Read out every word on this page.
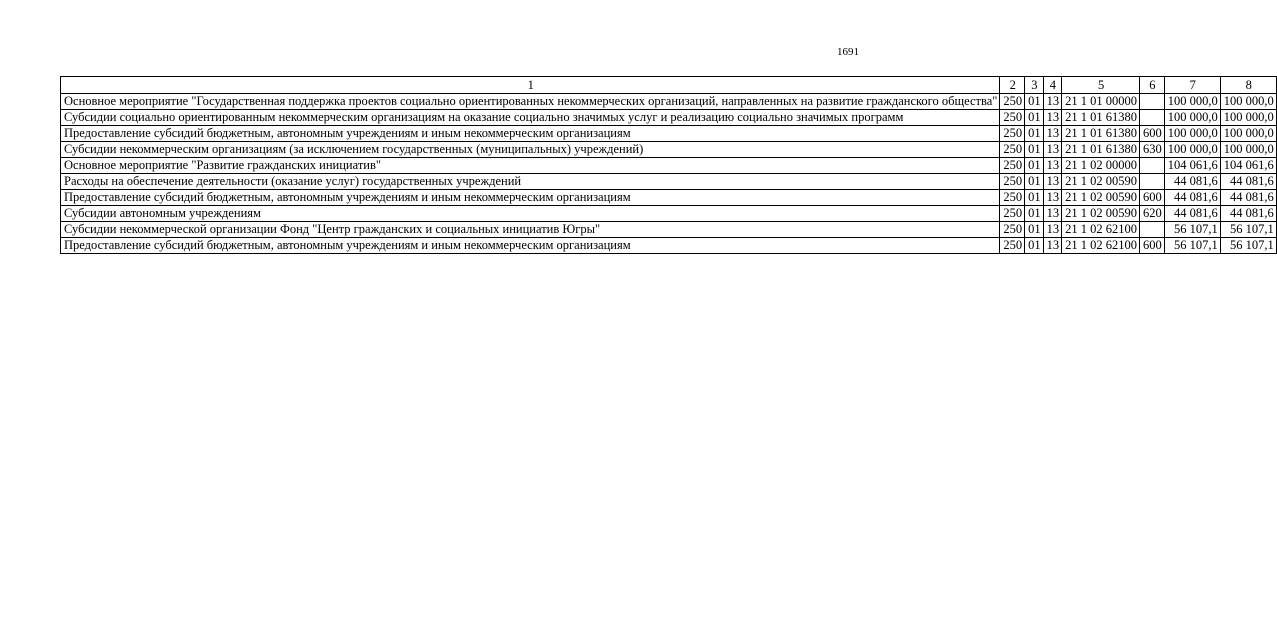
1691
1	2	3	4	5	6	7	8
Основное мероприятие "Государственная поддержка проектов социально ориентированных некоммерческих организаций, направленных на развитие гражданского общества"	250	01	13	21 1 01 00000		100 000,0	100 000,0
Субсидии социально ориентированным некоммерческим организациям на оказание социально значимых услуг и реализацию социально значимых программ	250	01	13	21 1 01 61380		100 000,0	100 000,0
Предоставление субсидий бюджетным, автономным учреждениям и иным некоммерческим организациям	250	01	13	21 1 01 61380	600	100 000,0	100 000,0
Субсидии некоммерческим организациям (за исключением государственных (муниципальных) учреждений)	250	01	13	21 1 01 61380	630	100 000,0	100 000,0
Основное мероприятие "Развитие гражданских инициатив"	250	01	13	21 1 02 00000		104 061,6	104 061,6
Расходы на обеспечение деятельности (оказание услуг) государственных учреждений	250	01	13	21 1 02 00590		44 081,6	44 081,6
Предоставление субсидий бюджетным, автономным учреждениям и иным некоммерческим организациям	250	01	13	21 1 02 00590	600	44 081,6	44 081,6
Субсидии автономным учреждениям	250	01	13	21 1 02 00590	620	44 081,6	44 081,6
Субсидии некоммерческой организации Фонд "Центр гражданских и социальных инициатив Югры"	250	01	13	21 1 02 62100		56 107,1	56 107,1
Предоставление субсидий бюджетным, автономным учреждениям и иным некоммерческим организациям	250	01	13	21 1 02 62100	600	56 107,1	56 107,1
